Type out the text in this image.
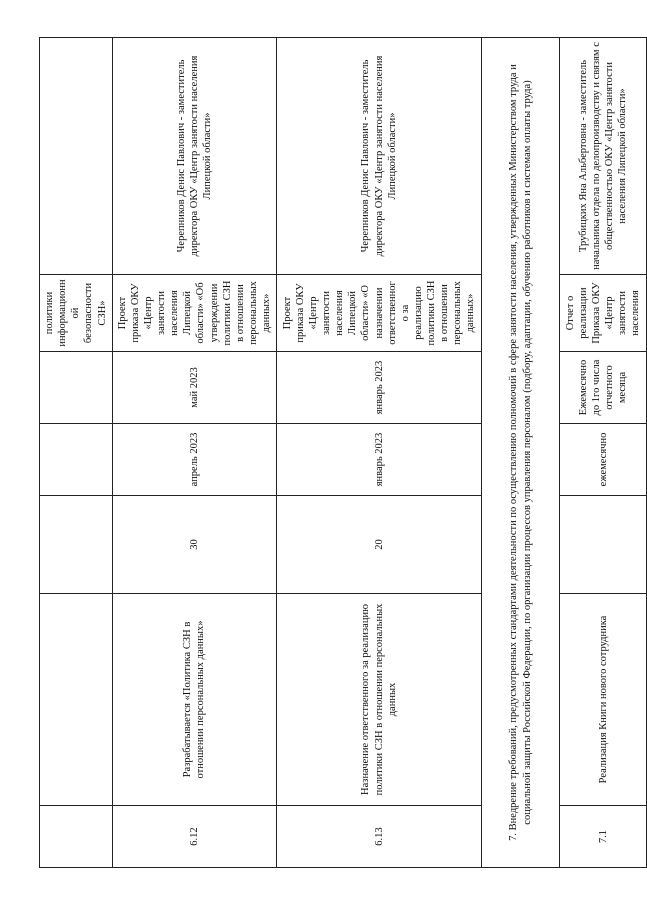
					политики информационной безопасности СЗН»	
6.12	Разрабатывается «Политика СЗН в отношении персональных данных»	30	апрель 2023	май 2023	Проект приказа ОКУ «Центр занятости населения Липецкой области» «Об утверждении политики СЗН в отношении персональных данных»	Черепников Денис Павлович - заместитель директора ОКУ «Центр занятости населения Липецкой области»
6.13	Назначение ответственного за реализацию политики СЗН в отношении персональных данных	20	январь 2023	январь 2023	Проект приказа ОКУ «Центр занятости населения Липецкой области» «О назначении ответственного за реализацию политики СЗН в отношении персональных данных»	Черепников Денис Павлович - заместитель директора ОКУ «Центр занятости населения Липецкой области»
7. Внедрение требований, предусмотренных стандартами деятельности по осуществлению полномочий в сфере занятости населения, утвержденных Министерством труда и социальной защиты Российской Федерации, по организации процессов управления персоналом (подбору, адаптации, обучению работников и системам оплаты труда)						
7.1	Реализация Книги нового сотрудника		ежемесячно	Ежемесячно до 1го числа отчетного месяца	Отчет о реализации Приказа ОКУ «Центр занятости населения	Трубицких Яна Альбертовна - заместитель начальника отдела по делопроизводству и связям с общественностью ОКУ «Центр занятости населения Липецкой области»
